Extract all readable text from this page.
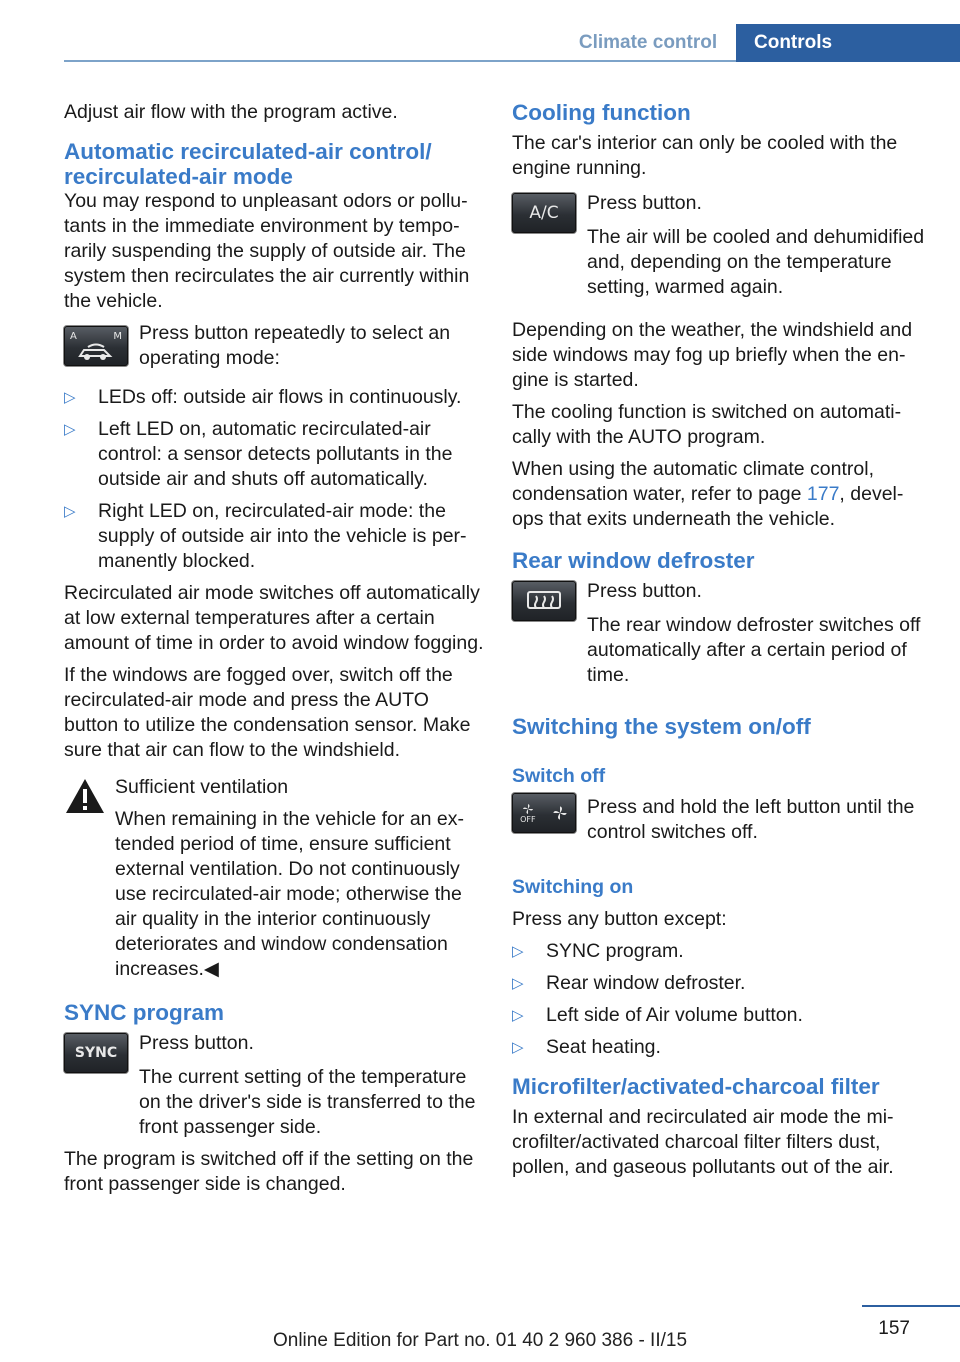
Climate control	Controls

Adjust air flow with the program active.

Automatic recirculated-air control/ recirculated-air mode

You may respond to unpleasant odors or pollutants in the immediate environment by temporarily suspending the supply of outside air. The system then recirculates the air currently within the vehicle.

A	M Press button repeatedly to select an operating mode:
▷ LEDs off: outside air flows in continuously.
▷ Left LED on, automatic recirculated-air control: a sensor detects pollutants in the outside air and shuts off automatically.
▷ Right LED on, recirculated-air mode: the supply of outside air into the vehicle is permanently blocked.

Recirculated air mode switches off automatically at low external temperatures after a certain amount of time in order to avoid window fogging.

If the windows are fogged over, switch off the recirculated-air mode and press the AUTO button to utilize the condensation sensor. Make sure that air can flow to the windshield.

Sufficient ventilation

When remaining in the vehicle for an extended period of time, ensure sufficient external ventilation. Do not continuously use recirculated-air mode; otherwise the air quality in the interior continuously deteriorates and window condensation increases.◀

SYNC program
SYNC Press button.

The current setting of the temperature on the driver's side is transferred to the front passenger side.

The program is switched off if the setting on the front passenger side is changed.

Cooling function

The car's interior can only be cooled with the engine running.

A/C Press button.

The air will be cooled and dehumidified and, depending on the temperature setting, warmed again.

Depending on the weather, the windshield and side windows may fog up briefly when the engine is started.

The cooling function is switched on automatically with the AUTO program.

When using the automatic climate control, condensation water, refer to page 177, develops that exits underneath the vehicle.

Rear window defroster
Press button.

The rear window defroster switches off automatically after a certain period of time.

Switching the system on/off
Switch off
OFF
Press and hold the left button until the control switches off.
Switching on

Press any button except:

▷ SYNC program.
▷ Rear window defroster.
▷ Left side of Air volume button.
▷ Seat heating.
Microfilter/activated-charcoal filter

In external and recirculated air mode the microfilter/activated charcoal filter filters dust, pollen, and gaseous pollutants out of the air.

157
Online Edition for Part no. 01 40 2 960 386 - II/15
